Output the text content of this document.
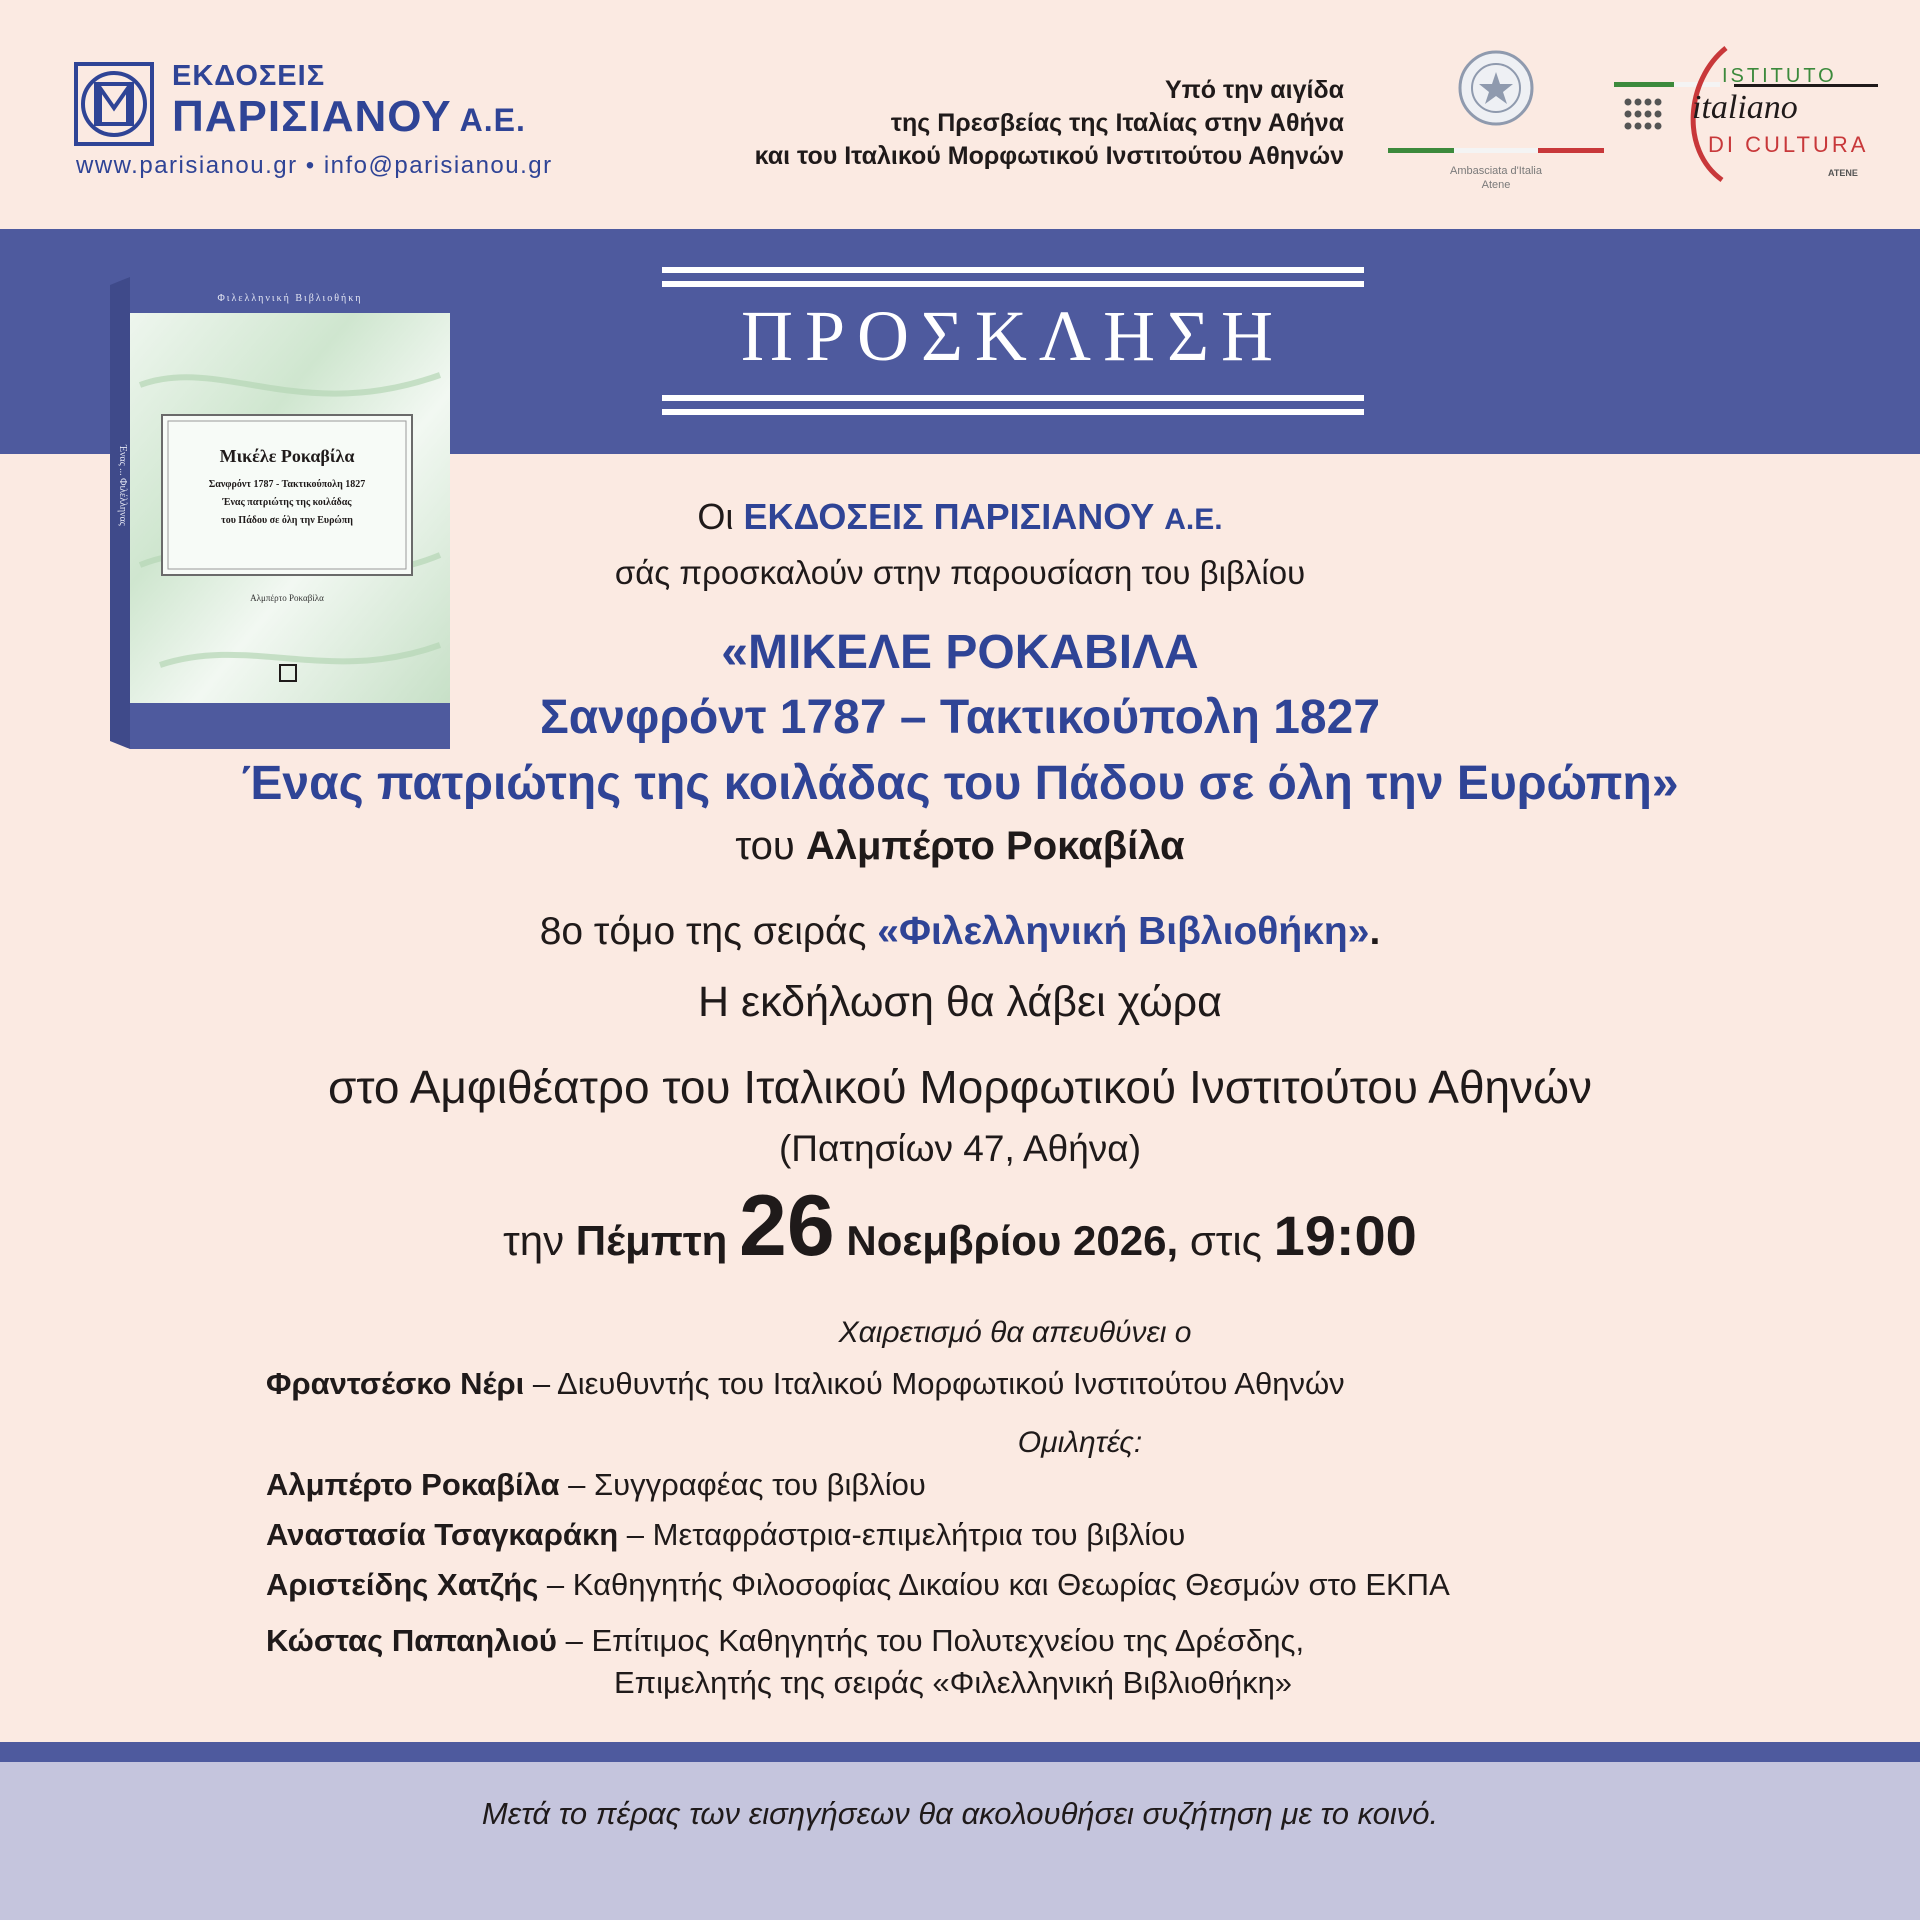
ΕΚΔΟΣΕΙΣ
ΠΑΡΙΣΙΑΝΟΥ Α.Ε.
www.parisianou.gr • info@parisianou.gr
Υπό την αιγίδα
της Πρεσβείας της Ιταλίας στην Αθήνα
και του Ιταλικού Μορφωτικού Ινστιτούτου Αθηνών
Ambasciata d'Italia
Atene
ISTITUTO
italiano
DI CULTURA
ATENE
ΠΡΟΣΚΛΗΣΗ
Φιλελληνική Βιβλιοθήκη
Ένας ... Φιλέλληνας	Μικέλε Ροκαβίλα
Σανφρόντ 1787 - Τακτικούπολη 1827
Ένας πατριώτης της κοιλάδας
του Πάδου σε όλη την Ευρώπη
Αλμπέρτο Ροκαβίλα
Οι ΕΚΔΟΣΕΙΣ ΠΑΡΙΣΙΑΝΟΥ Α.Ε.
σάς προσκαλούν στην παρουσίαση του βιβλίου
«ΜΙΚΕΛΕ ΡΟΚΑΒΙΛΑ
Σανφρόντ 1787 – Τακτικούπολη 1827
Ένας πατριώτης της κοιλάδας του Πάδου σε όλη την Ευρώπη»
του Αλμπέρτο Ροκαβίλα
8ο τόμο της σειράς «Φιλελληνική Βιβλιοθήκη».
Η εκδήλωση θα λάβει χώρα
στο Αμφιθέατρο του Ιταλικού Μορφωτικού Ινστιτούτου Αθηνών
(Πατησίων 47, Αθήνα)
την Πέμπτη 26 Νοεμβρίου 2026, στις 19:00
Χαιρετισμό θα απευθύνει ο
Φραντσέσκο Νέρι – Διευθυντής του Ιταλικού Μορφωτικού Ινστιτούτου Αθηνών
Ομιλητές:
Αλμπέρτο Ροκαβίλα – Συγγραφέας του βιβλίου
Αναστασία Τσαγκαράκη – Μεταφράστρια-επιμελήτρια του βιβλίου
Αριστείδης Χατζής – Καθηγητής Φιλοσοφίας Δικαίου και Θεωρίας Θεσμών στο ΕΚΠΑ
Κώστας Παπαηλιού – Επίτιμος Καθηγητής του Πολυτεχνείου της Δρέσδης,
Επιμελητής της σειράς «Φιλελληνική Βιβλιοθήκη»
Μετά το πέρας των εισηγήσεων θα ακολουθήσει συζήτηση με το κοινό.
